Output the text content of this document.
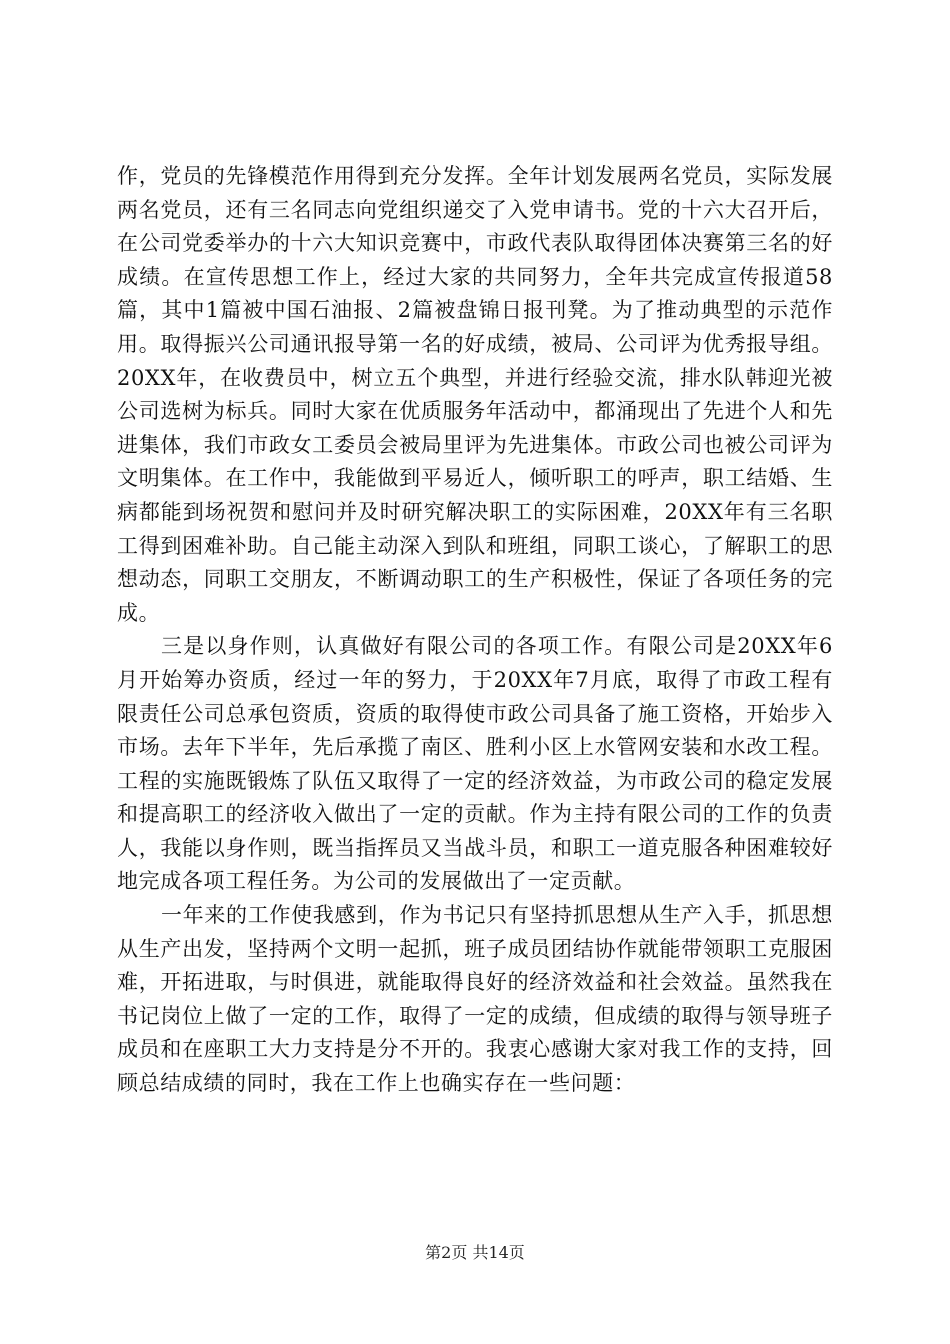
作，党员的先锋模范作用得到充分发挥。全年计划发展两名党员，实际发展两名党员，还有三名同志向党组织递交了入党申请书。党的十六大召开后，在公司党委举办的十六大知识竞赛中，市政代表队取得团体决赛第三名的好成绩。在宣传思想工作上，经过大家的共同努力，全年共完成宣传报道58篇，其中1篇被中国石油报、2篇被盘锦日报刊凳。为了推动典型的示范作用。取得振兴公司通讯报导第一名的好成绩，被局、公司评为优秀报导组。20XX年，在收费员中，树立五个典型，并进行经验交流，排水队韩迎光被公司选树为标兵。同时大家在优质服务年活动中，都涌现出了先进个人和先进集体，我们市政女工委员会被局里评为先进集体。市政公司也被公司评为文明集体。在工作中，我能做到平易近人，倾听职工的呼声，职工结婚、生病都能到场祝贺和慰问并及时研究解决职工的实际困难，20XX年有三名职工得到困难补助。自己能主动深入到队和班组，同职工谈心，了解职工的思想动态，同职工交朋友，不断调动职工的生产积极性，保证了各项任务的完成。

三是以身作则，认真做好有限公司的各项工作。有限公司是20XX年6月开始筹办资质，经过一年的努力，于20XX年7月底，取得了市政工程有限责任公司总承包资质，资质的取得使市政公司具备了施工资格，开始步入市场。去年下半年，先后承揽了南区、胜利小区上水管网安装和水改工程。工程的实施既锻炼了队伍又取得了一定的经济效益，为市政公司的稳定发展和提高职工的经济收入做出了一定的贡献。作为主持有限公司的工作的负责人，我能以身作则，既当指挥员又当战斗员，和职工一道克服各种困难较好地完成各项工程任务。为公司的发展做出了一定贡献。

一年来的工作使我感到，作为书记只有坚持抓思想从生产入手，抓思想从生产出发，坚持两个文明一起抓，班子成员团结协作就能带领职工克服困难，开拓进取，与时俱进，就能取得良好的经济效益和社会效益。虽然我在书记岗位上做了一定的工作，取得了一定的成绩，但成绩的取得与领导班子成员和在座职工大力支持是分不开的。我衷心感谢大家对我工作的支持，回顾总结成绩的同时，我在工作上也确实存在一些问题：

第2页 共14页
